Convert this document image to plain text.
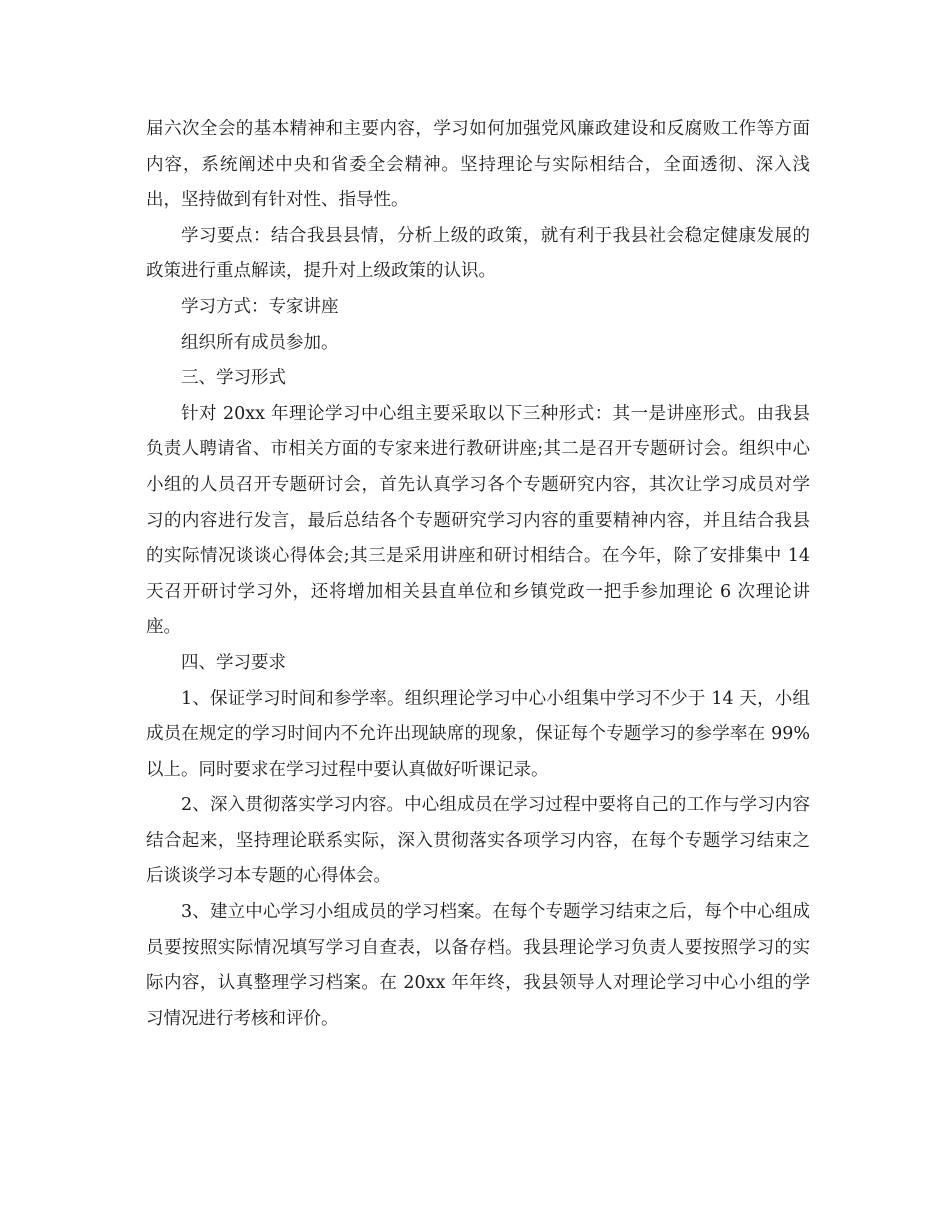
届六次全会的基本精神和主要内容，学习如何加强党风廉政建设和反腐败工作等方面内容，系统阐述中央和省委全会精神。坚持理论与实际相结合，全面透彻、深入浅出，坚持做到有针对性、指导性。

学习要点：结合我县县情，分析上级的政策，就有利于我县社会稳定健康发展的政策进行重点解读，提升对上级政策的认识。

学习方式：专家讲座

组织所有成员参加。

三、学习形式

针对 20xx 年理论学习中心组主要采取以下三种形式：其一是讲座形式。由我县负责人聘请省、市相关方面的专家来进行教研讲座;其二是召开专题研讨会。组织中心小组的人员召开专题研讨会，首先认真学习各个专题研究内容，其次让学习成员对学习的内容进行发言，最后总结各个专题研究学习内容的重要精神内容，并且结合我县的实际情况谈谈心得体会;其三是采用讲座和研讨相结合。在今年，除了安排集中 14 天召开研讨学习外，还将增加相关县直单位和乡镇党政一把手参加理论 6 次理论讲座。

四、学习要求

1、保证学习时间和参学率。组织理论学习中心小组集中学习不少于 14 天，小组成员在规定的学习时间内不允许出现缺席的现象，保证每个专题学习的参学率在 99%以上。同时要求在学习过程中要认真做好听课记录。

2、深入贯彻落实学习内容。中心组成员在学习过程中要将自己的工作与学习内容结合起来，坚持理论联系实际，深入贯彻落实各项学习内容，在每个专题学习结束之后谈谈学习本专题的心得体会。

3、建立中心学习小组成员的学习档案。在每个专题学习结束之后，每个中心组成员要按照实际情况填写学习自查表，以备存档。我县理论学习负责人要按照学习的实际内容，认真整理学习档案。在 20xx 年年终，我县领导人对理论学习中心小组的学习情况进行考核和评价。
